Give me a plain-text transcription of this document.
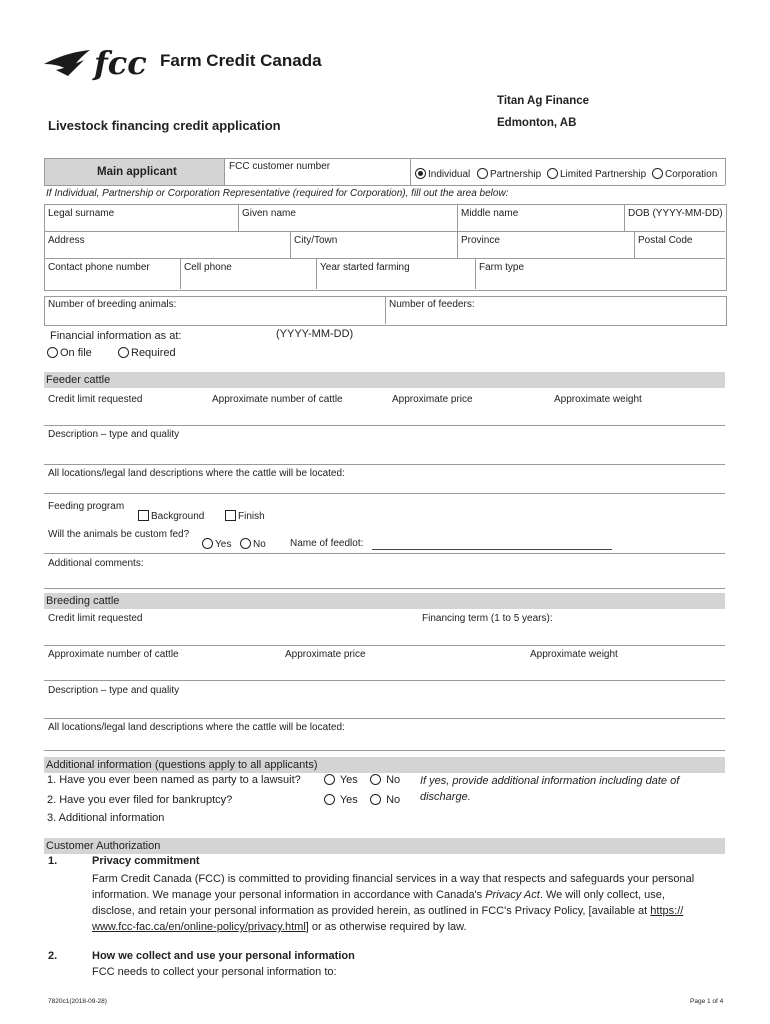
fcc Farm Credit Canada
Titan Ag Finance
Edmonton, AB
Livestock financing credit application
Main applicant	FCC customer number
Individual	Partnership	Limited Partnership	Corporation
If Individual, Partnership or Corporation Representative (required for Corporation), fill out the area below:
Legal surname	Given name	Middle name	DOB (YYYY-MM-DD)
Address	City/Town	Province	Postal Code
Contact phone number	Cell phone	Year started farming	Farm type
Number of breeding animals:	Number of feeders:
Financial information as at:	(YYYY-MM-DD)
On file	Required
Feeder cattle
Credit limit requested	Approximate number of cattle	Approximate price	Approximate weight
Description – type and quality
All locations/legal land descriptions where the cattle will be located:
Feeding program
Background	Finish
Will the animals be custom fed?
Yes	No Name of feedlot:
Additional comments:
Breeding cattle
Credit limit requested	Financing term (1 to 5 years):
Approximate number of cattle	Approximate price	Approximate weight
Description – type and quality
All locations/legal land descriptions where the cattle will be located:
Additional information (questions apply to all applicants)
1. Have you ever been named as party to a lawsuit?	Yes	No
2. Have you ever filed for bankruptcy?	Yes	No
3. Additional information
If yes, provide additional information including date of
discharge.
Customer Authorization
1.	Privacy commitment
Farm Credit Canada (FCC) is committed to providing financial services in a way that respects and safeguards your personal
information. We manage your personal information in accordance with Canada's Privacy Act. We will only collect, use,
disclose, and retain your personal information as provided herein, as outlined in FCC's Privacy Policy, [available at https://
www.fcc-fac.ca/en/online-policy/privacy.html] or as otherwise required by law.
2.	How we collect and use your personal information
FCC needs to collect your personal information to:
7820c1(2018-09-28)	Page 1 of 4
